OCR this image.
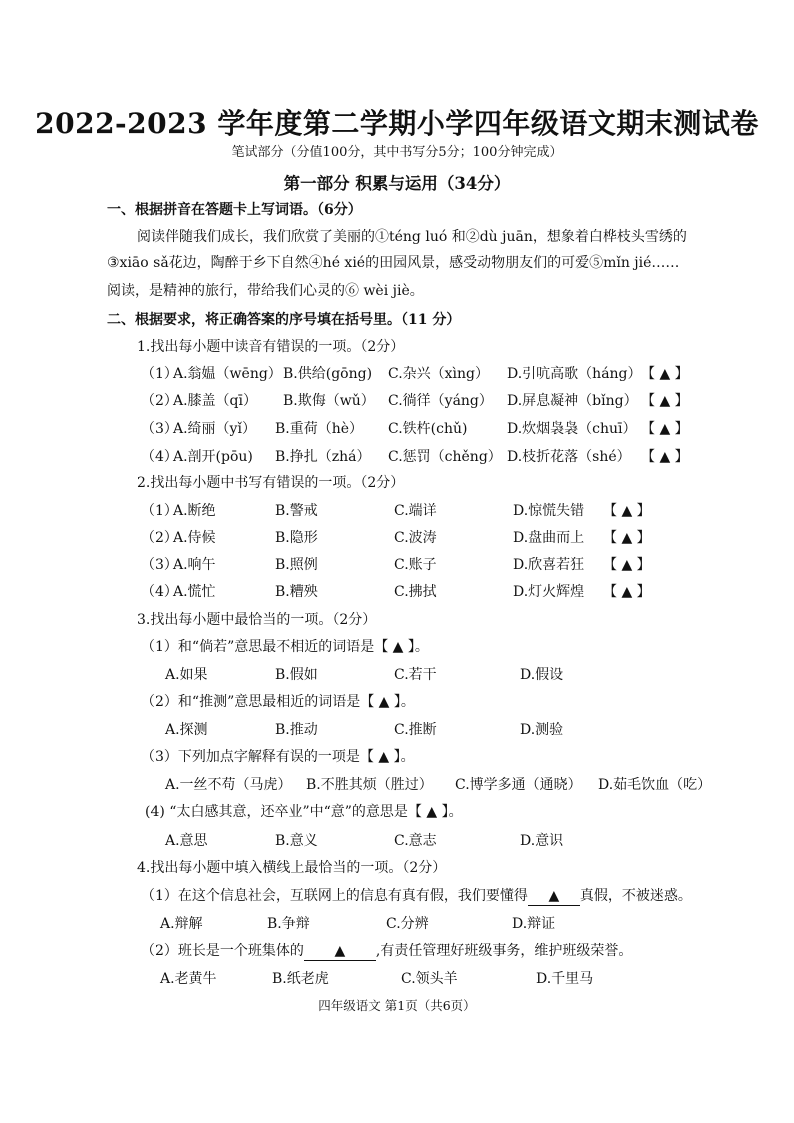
2022-2023 学年度第二学期小学四年级语文期末测试卷
笔试部分（分值100分，其中书写分5分；100分钟完成）
第一部分 积累与运用（34分）
一、根据拼音在答题卡上写词语。（6分）
阅读伴随我们成长，我们欣赏了美丽的①téng luó 和②dù juān，想象着白桦枝头雪绣的
③xiāo sǎ花边，陶醉于乡下自然④hé xié的田园风景，感受动物朋友们的可爱⑤mǐn jié……
阅读，是精神的旅行，带给我们心灵的⑥ wèi jiè。
二、根据要求，将正确答案的序号填在括号里。（11 分）
1.找出每小题中读音有错误的一项。（2分）
（1）
A.翁媪（wēng） B.供给(gōng) C.杂兴（xìng） D.引吭高歌（háng） 【 ▲ 】
（2）
A.膝盖（qī） B.欺侮（wǔ） C.徜徉（yáng） D.屏息凝神（bǐng） 【 ▲ 】
（3）
A.绮丽（yǐ） B.重荷（hè） C.铁杵(chǔ)	D.炊烟袅袅（chuī） 【 ▲ 】
（4）
A.剖开(pōu) B.挣扎（zhá） C.惩罚（chěng） D.枝折花落（shé） 【 ▲ 】
2.找出每小题中书写有错误的一项。（2分）
（1）
A.断绝	B.警戒	C.端详	D.惊慌失错 【 ▲ 】
（2）
A.侍候	B.隐形	C.波涛	D.盘曲而上 【 ▲ 】
（3）
A.响午	B.照例	C.账子	D.欣喜若狂 【 ▲ 】
（4）
A.慌忙	B.糟殃	C.拂拭	D.灯火辉煌 【 ▲ 】
3.找出每小题中最恰当的一项。（2分）
（1）和“倘若”意思最不相近的词语是【 ▲ 】。
A.如果	B.假如	C.若干	D.假设
（2）和“推测”意思最相近的词语是【 ▲ 】。
A.探测	B.推动	C.推断	D.测验
（3）下列加点字解释有误的一项是【 ▲ 】。
A.一丝不苟（马虎） B.不胜其烦（胜过） C.博学多通（通晓） D.茹毛饮血（吃）
(4) “太白感其意，还卒业”中“意”的意思是【 ▲ 】。
A.意思	B.意义	C.意志	D.意识
4.找出每小题中填入横线上最恰当的一项。（2分）
（1）在这个信息社会，互联网上的信息有真有假，我们要懂得 ▲ 真假，不被迷惑。
A.辩解	B.争辩	C.分辨	D.辩证
（2）班长是一个班集体的 ▲ ,有责任管理好班级事务，维护班级荣誉。
A.老黄牛	B.纸老虎	C.领头羊	D.千里马
四年级语文 第1页（共6页）
